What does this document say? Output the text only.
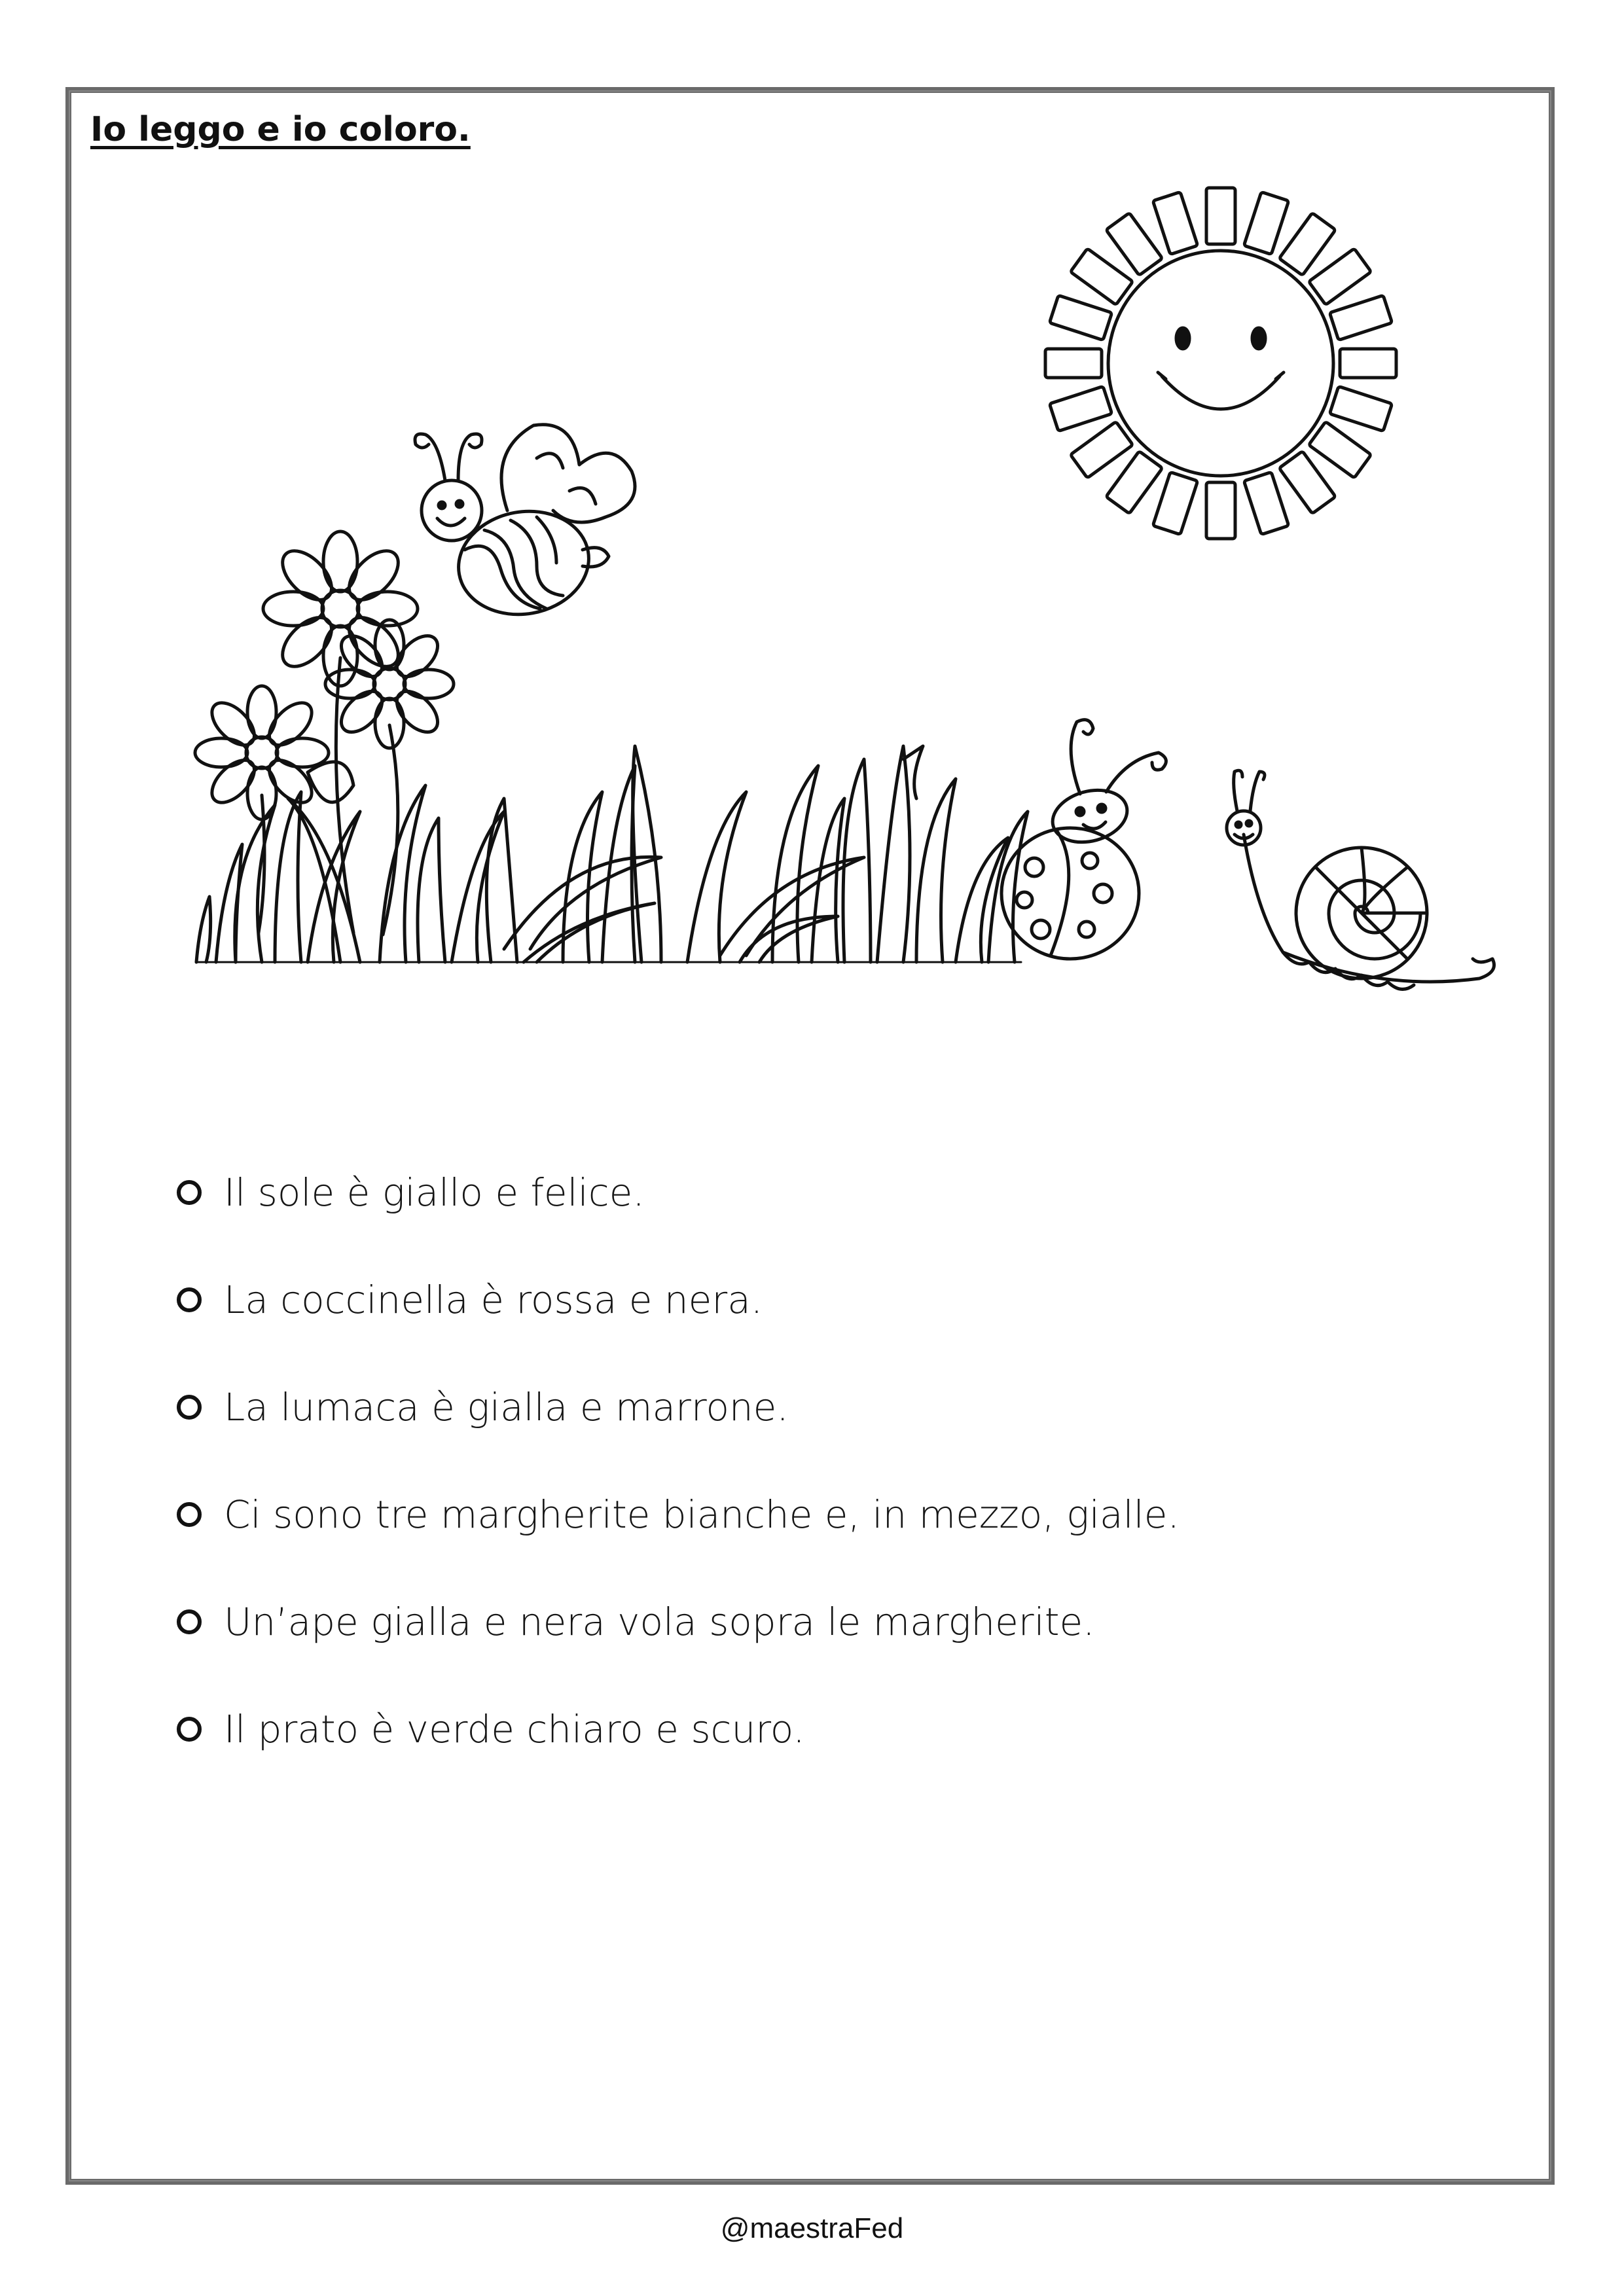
Io leggo e io coloro.
Il sole è giallo e felice.
La coccinella è rossa e nera.
La lumaca è gialla e marrone.
Ci sono tre margherite bianche e, in mezzo, gialle.
Un’ape gialla e nera vola sopra le margherite.
Il prato è verde chiaro e scuro.
@maestraFed
